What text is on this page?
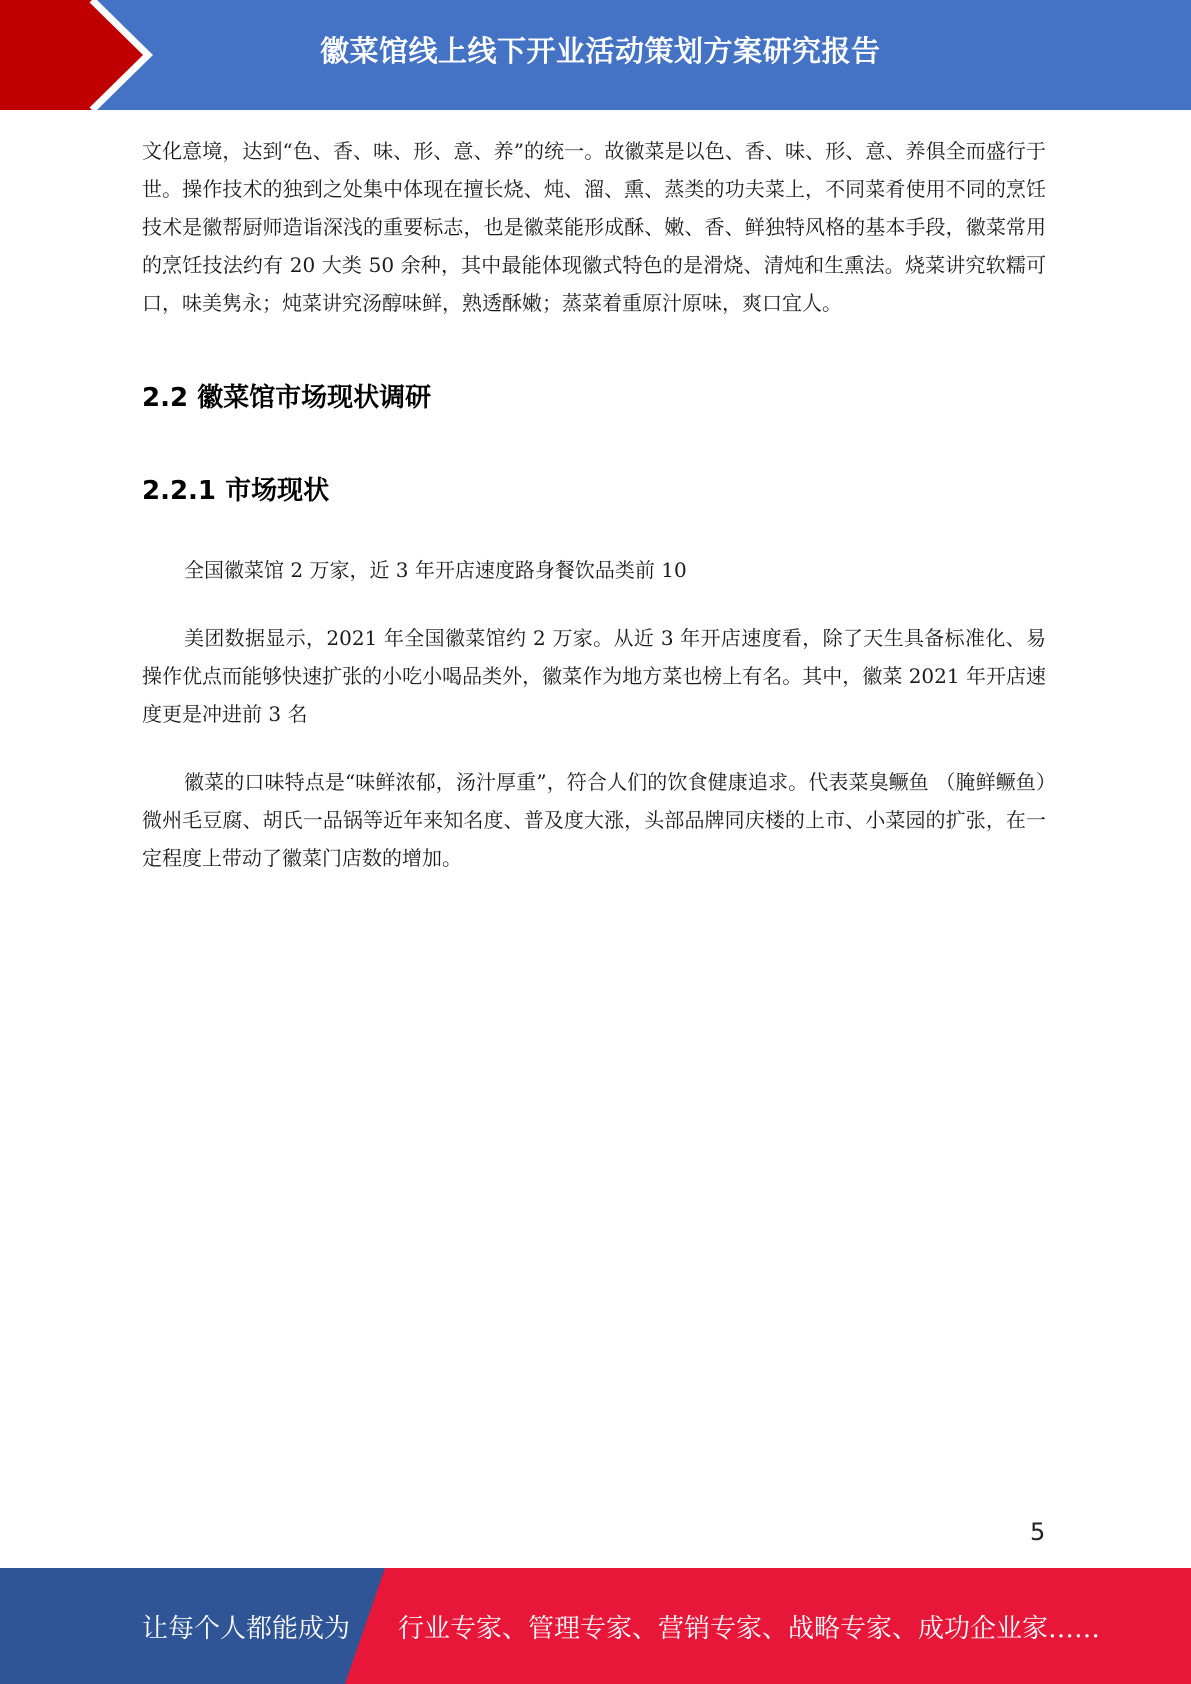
徽菜馆线上线下开业活动策划方案研究报告

文化意境，达到“色、香、味、形、意、养”的统一。故徽菜是以色、香、味、形、意、养俱全而盛行于世。操作技术的独到之处集中体现在擅长烧、炖、溜、熏、蒸类的功夫菜上，不同菜肴使用不同的烹饪技术是徽帮厨师造诣深浅的重要标志，也是徽菜能形成酥、嫩、香、鲜独特风格的基本手段，徽菜常用的烹饪技法约有 20 大类 50 余种，其中最能体现徽式特色的是滑烧、清炖和生熏法。烧菜讲究软糯可口，味美隽永；炖菜讲究汤醇味鲜，熟透酥嫩；蒸菜着重原汁原味，爽口宜人。

2.2 徽菜馆市场现状调研
2.2.1 市场现状

全国徽菜馆 2 万家，近 3 年开店速度路身餐饮品类前 10

美团数据显示，2021 年全国徽菜馆约 2 万家。从近 3 年开店速度看，除了天生具备标准化、易操作优点而能够快速扩张的小吃小喝品类外，徽菜作为地方菜也榜上有名。其中，徽菜 2021 年开店速度更是冲进前 3 名

徽菜的口味特点是“味鲜浓郁，汤汁厚重”，符合人们的饮食健康追求。代表菜臭鳜鱼 （腌鲜鳜鱼）微州毛豆腐、胡氏一品锅等近年来知名度、普及度大涨，头部品牌同庆楼的上市、小菜园的扩张，在一定程度上带动了徽菜门店数的增加。

5
让每个人都能成为 行业专家、管理专家、营销专家、战略专家、成功企业家……
